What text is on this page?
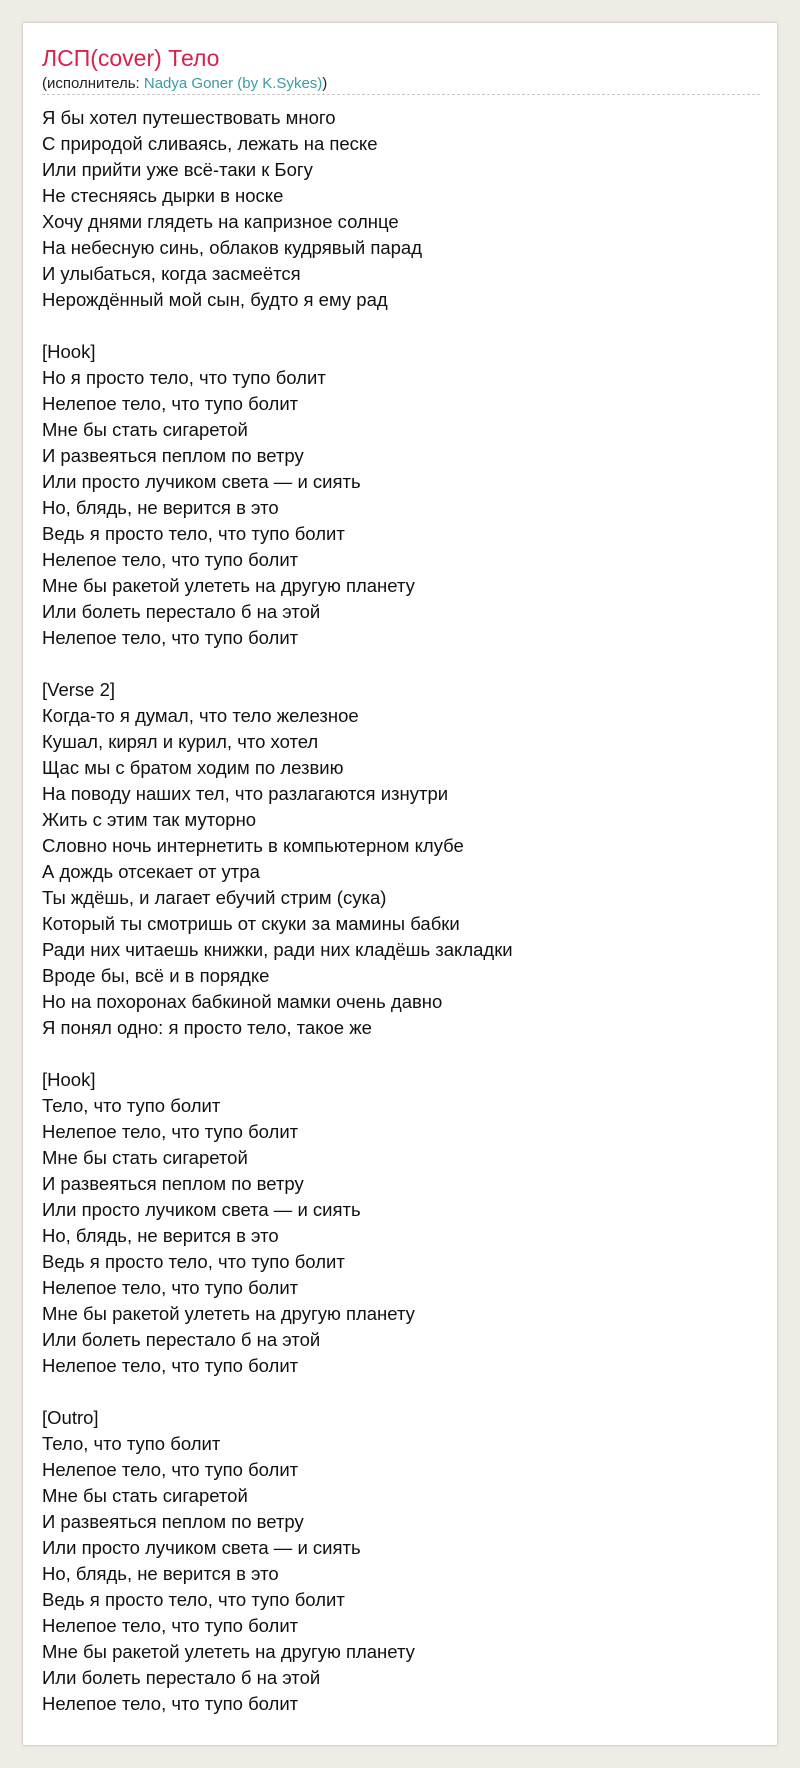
ЛСП(cover) Тело
(исполнитель: Nadya Goner (by K.Sykes))
Я бы хотел путешествовать много
С природой сливаясь, лежать на песке
Или прийти уже всё-таки к Богу
Не стесняясь дырки в носке
Хочу днями глядеть на капризное солнце
На небесную синь, облаков кудрявый парад
И улыбаться, когда засмеётся
Нерождённый мой сын, будто я ему рад
[Hook]
Но я просто тело, что тупо болит
Нелепое тело, что тупо болит
Мне бы стать сигаретой
И развеяться пеплом по ветру
Или просто лучиком света — и сиять
Но, блядь, не верится в это
Ведь я просто тело, что тупо болит
Нелепое тело, что тупо болит
Мне бы ракетой улететь на другую планету
Или болеть перестало б на этой
Нелепое тело, что тупо болит
[Verse 2]
Когда-то я думал, что тело железное
Кушал, кирял и курил, что хотел
Щас мы с братом ходим по лезвию
На поводу наших тел, что разлагаются изнутри
Жить с этим так муторно
Словно ночь интернетить в компьютерном клубе
А дождь отсекает от утра
Ты ждёшь, и лагает ебучий стрим (сука)
Который ты смотришь от скуки за мамины бабки
Ради них читаешь книжки, ради них кладёшь закладки
Вроде бы, всё и в порядке
Но на похоронах бабкиной мамки очень давно
Я понял одно: я просто тело, такое же
[Hook]
Тело, что тупо болит
Нелепое тело, что тупо болит
Мне бы стать сигаретой
И развеяться пеплом по ветру
Или просто лучиком света — и сиять
Но, блядь, не верится в это
Ведь я просто тело, что тупо болит
Нелепое тело, что тупо болит
Мне бы ракетой улететь на другую планету
Или болеть перестало б на этой
Нелепое тело, что тупо болит
[Outro]
Тело, что тупо болит
Нелепое тело, что тупо болит
Мне бы стать сигаретой
И развеяться пеплом по ветру
Или просто лучиком света — и сиять
Но, блядь, не верится в это
Ведь я просто тело, что тупо болит
Нелепое тело, что тупо болит
Мне бы ракетой улететь на другую планету
Или болеть перестало б на этой
Нелепое тело, что тупо болит
